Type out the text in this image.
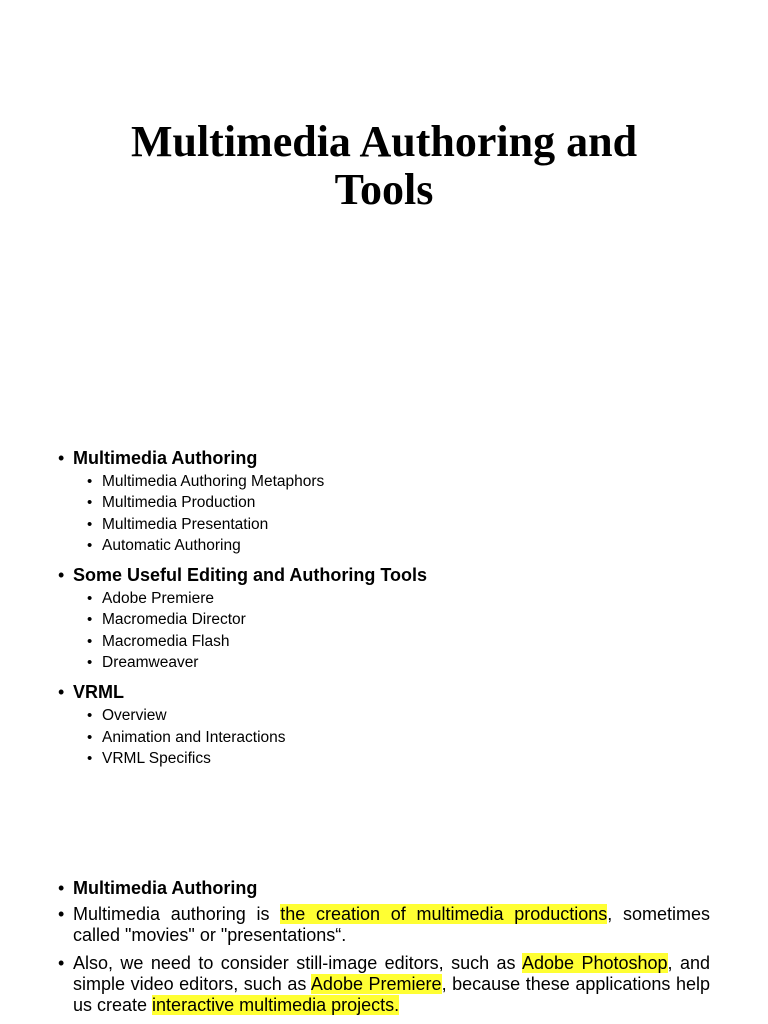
Multimedia Authoring and
Tools
• Multimedia Authoring
• Multimedia Authoring Metaphors
• Multimedia Production
• Multimedia Presentation
• Automatic Authoring
• Some Useful Editing and Authoring Tools
• Adobe Premiere
• Macromedia Director
• Macromedia Flash
• Dreamweaver
• VRML
• Overview
• Animation and Interactions
• VRML Specifics
• Multimedia Authoring
• Multimedia authoring is the creation of multimedia productions, sometimes called "movies" or "presentations“.
• Also, we need to consider still-image editors, such as Adobe Photoshop, and simple video editors, such as Adobe Premiere, because these applications help us create interactive multimedia projects.
